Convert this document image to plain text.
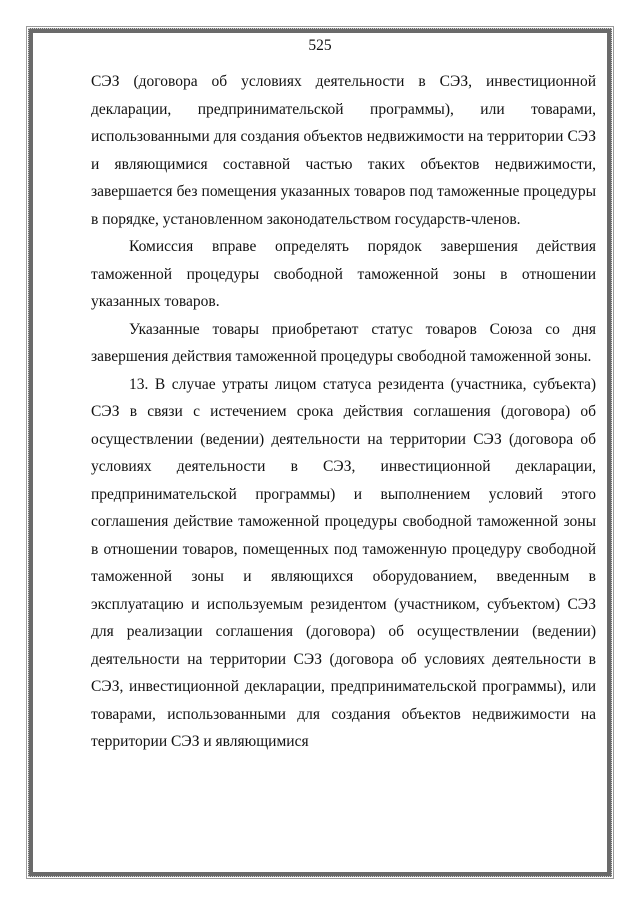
525

СЭЗ (договора об условиях деятельности в СЭЗ, инвестиционной декларации, предпринимательской программы), или товарами, использованными для создания объектов недвижимости на территории СЭЗ и являющимися составной частью таких объектов недвижимости, завершается без помещения указанных товаров под таможенные процедуры в порядке, установленном законодательством государств-членов.

Комиссия вправе определять порядок завершения действия таможенной процедуры свободной таможенной зоны в отношении указанных товаров.

Указанные товары приобретают статус товаров Союза со дня завершения действия таможенной процедуры свободной таможенной зоны.

13. В случае утраты лицом статуса резидента (участника, субъекта) СЭЗ в связи с истечением срока действия соглашения (договора) об осуществлении (ведении) деятельности на территории СЭЗ (договора об условиях деятельности в СЭЗ, инвестиционной декларации, предпринимательской программы) и выполнением условий этого соглашения действие таможенной процедуры свободной таможенной зоны в отношении товаров, помещенных под таможенную процедуру свободной таможенной зоны и являющихся оборудованием, введенным в эксплуатацию и используемым резидентом (участником, субъектом) СЭЗ для реализации соглашения (договора) об осуществлении (ведении) деятельности на территории СЭЗ (договора об условиях деятельности в СЭЗ, инвестиционной декларации, предпринимательской программы), или товарами, использованными для создания объектов недвижимости на территории СЭЗ и являющимися
